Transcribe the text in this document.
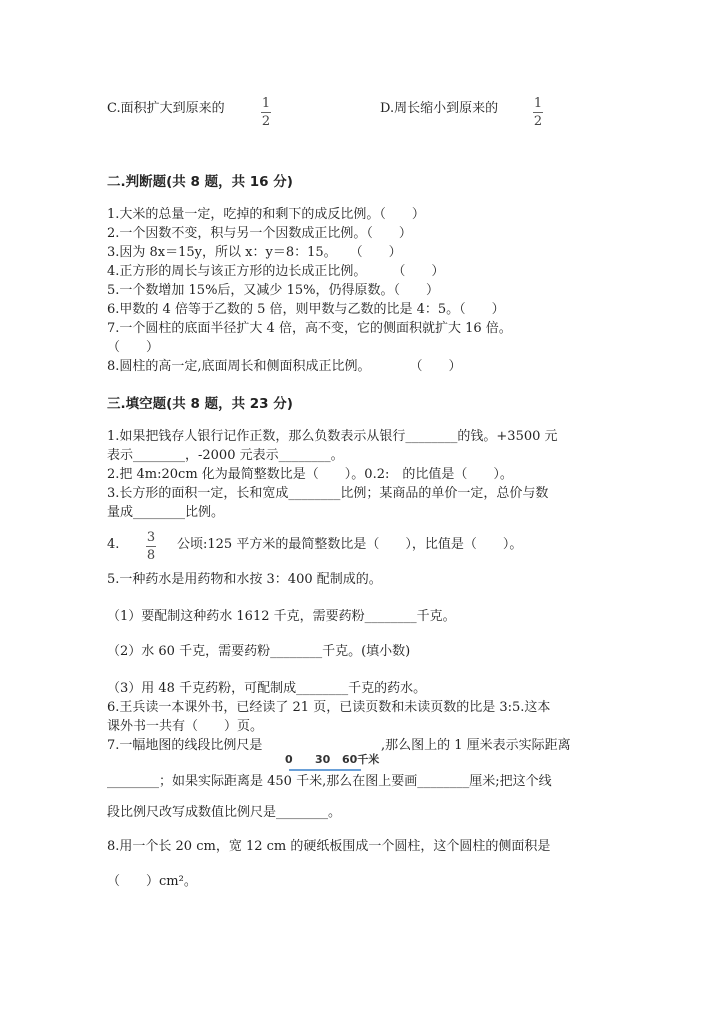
C.面积扩大到原来的	1
2
D.周长缩小到原来的	1
2
二.判断题(共 8 题，共 16 分)
1.大米的总量一定，吃掉的和剩下的成反比例。（　　）
2.一个因数不变，积与另一个因数成正比例。（　　）
3.因为 8x＝15y，所以 x：y＝8：15。　　（　　）
4.正方形的周长与该正方形的边长成正比例。　　　（　　）
5.一个数增加 15%后，又减少 15%，仍得原数。（　　）
6.甲数的 4 倍等于乙数的 5 倍，则甲数与乙数的比是 4：5。（　　）
7.一个圆柱的底面半径扩大 4 倍，高不变，它的侧面积就扩大 16 倍。
（　　）
8.圆柱的高一定,底面周长和侧面积成正比例。　　　　（　　）
三.填空题(共 8 题，共 23 分)
1.如果把钱存人银行记作正数，那么负数表示从银行________的钱。+3500 元
表示________，-2000 元表示________。
2.把 4m:20cm 化为最简整数比是（　　）。0.2:　的比值是（　　）。
3.长方形的面积一定，长和宽成________比例；某商品的单价一定，总价与数
量成________比例。
4. 3
8
公顷:125 平方米的最简整数比是（　　），比值是（　　）。
5.一种药水是用药物和水按 3：400 配制成的。
（1）要配制这种药水 1612 千克，需要药粉________千克。
（2）水 60 千克，需要药粉________千克。(填小数)
（3）用 48 千克药粉，可配制成________千克的药水。
6.王兵读一本课外书，已经读了 21 页，已读页数和未读页数的比是 3:5.这本
课外书一共有（　　）页。
7.一幅地图的线段比例尺是	,那么图上的 1 厘米表示实际距离
0 30 60千米
________；如果实际距离是 450 千米,那么在图上要画________厘米;把这个线
段比例尺改写成数值比例尺是________。
8.用一个长 20 cm，宽 12 cm 的硬纸板围成一个圆柱，这个圆柱的侧面积是
（　　）cm²。
